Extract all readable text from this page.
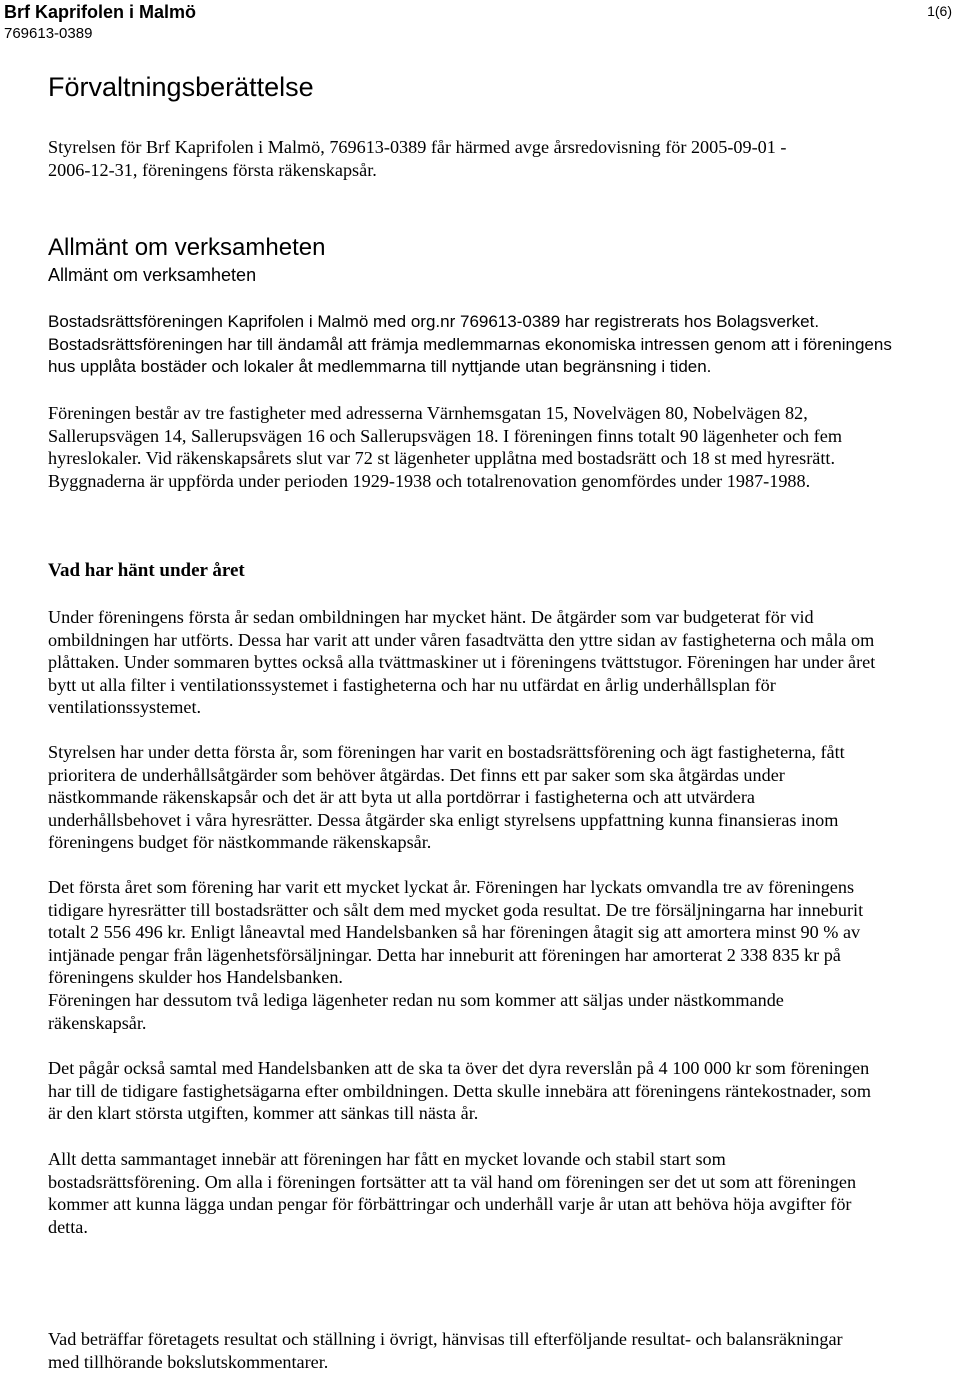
Brf Kaprifolen i Malmö
769613-0389
1(6)
Förvaltningsberättelse
Styrelsen för Brf Kaprifolen i Malmö, 769613-0389 får härmed avge årsredovisning för 2005-09-01 -
2006-12-31, föreningens första räkenskapsår.
Allmänt om verksamheten
Allmänt om verksamheten
Bostadsrättsföreningen Kaprifolen i Malmö med org.nr 769613-0389 har registrerats hos Bolagsverket.
Bostadsrättsföreningen har till ändamål att främja medlemmarnas ekonomiska intressen genom att i föreningens
hus upplåta bostäder och lokaler åt medlemmarna till nyttjande utan begränsning i tiden.
Föreningen består av tre fastigheter med adresserna Värnhemsgatan 15, Novelvägen 80, Nobelvägen 82,
Sallerupsvägen 14, Sallerupsvägen 16 och Sallerupsvägen 18. I föreningen finns totalt 90 lägenheter och fem
hyreslokaler. Vid räkenskapsårets slut var 72 st lägenheter upplåtna med bostadsrätt och 18 st med hyresrätt.
Byggnaderna är uppförda under perioden 1929-1938 och totalrenovation genomfördes under 1987-1988.
Vad har hänt under året
Under föreningens första år sedan ombildningen har mycket hänt. De åtgärder som var budgeterat för vid
ombildningen har utförts. Dessa har varit att under våren fasadtvätta den yttre sidan av fastigheterna och måla om
plåttaken. Under sommaren byttes också alla tvättmaskiner ut i föreningens tvättstugor. Föreningen har under året
bytt ut alla filter i ventilationssystemet i fastigheterna och har nu utfärdat en årlig underhållsplan för
ventilationssystemet.
Styrelsen har under detta första år, som föreningen har varit en bostadsrättsförening och ägt fastigheterna, fått
prioritera de underhållsåtgärder som behöver åtgärdas. Det finns ett par saker som ska åtgärdas under
nästkommande räkenskapsår och det är att byta ut alla portdörrar i fastigheterna och att utvärdera
underhållsbehovet i våra hyresrätter. Dessa åtgärder ska enligt styrelsens uppfattning kunna finansieras inom
föreningens budget för nästkommande räkenskapsår.
Det första året som förening har varit ett mycket lyckat år. Föreningen har lyckats omvandla tre av föreningens
tidigare hyresrätter till bostadsrätter och sålt dem med mycket goda resultat. De tre försäljningarna har inneburit
totalt 2 556 496 kr. Enligt låneavtal med Handelsbanken så har föreningen åtagit sig att amortera minst 90 % av
intjänade pengar från lägenhetsförsäljningar. Detta har inneburit att föreningen har amorterat 2 338 835 kr på
föreningens skulder hos Handelsbanken.
Föreningen har dessutom två lediga lägenheter redan nu som kommer att säljas under nästkommande
räkenskapsår.
Det pågår också samtal med Handelsbanken att de ska ta över det dyra reverslån på 4 100 000 kr som föreningen
har till de tidigare fastighetsägarna efter ombildningen. Detta skulle innebära att föreningens räntekostnader, som
är den klart största utgiften, kommer att sänkas till nästa år.
Allt detta sammantaget innebär att föreningen har fått en mycket lovande och stabil start som
bostadsrättsförening. Om alla i föreningen fortsätter att ta väl hand om föreningen ser det ut som att föreningen
kommer att kunna lägga undan pengar för förbättringar och underhåll varje år utan att behöva höja avgifter för
detta.
Vad beträffar företagets resultat och ställning i övrigt, hänvisas till efterföljande resultat- och balansräkningar
med tillhörande bokslutskommentarer.
